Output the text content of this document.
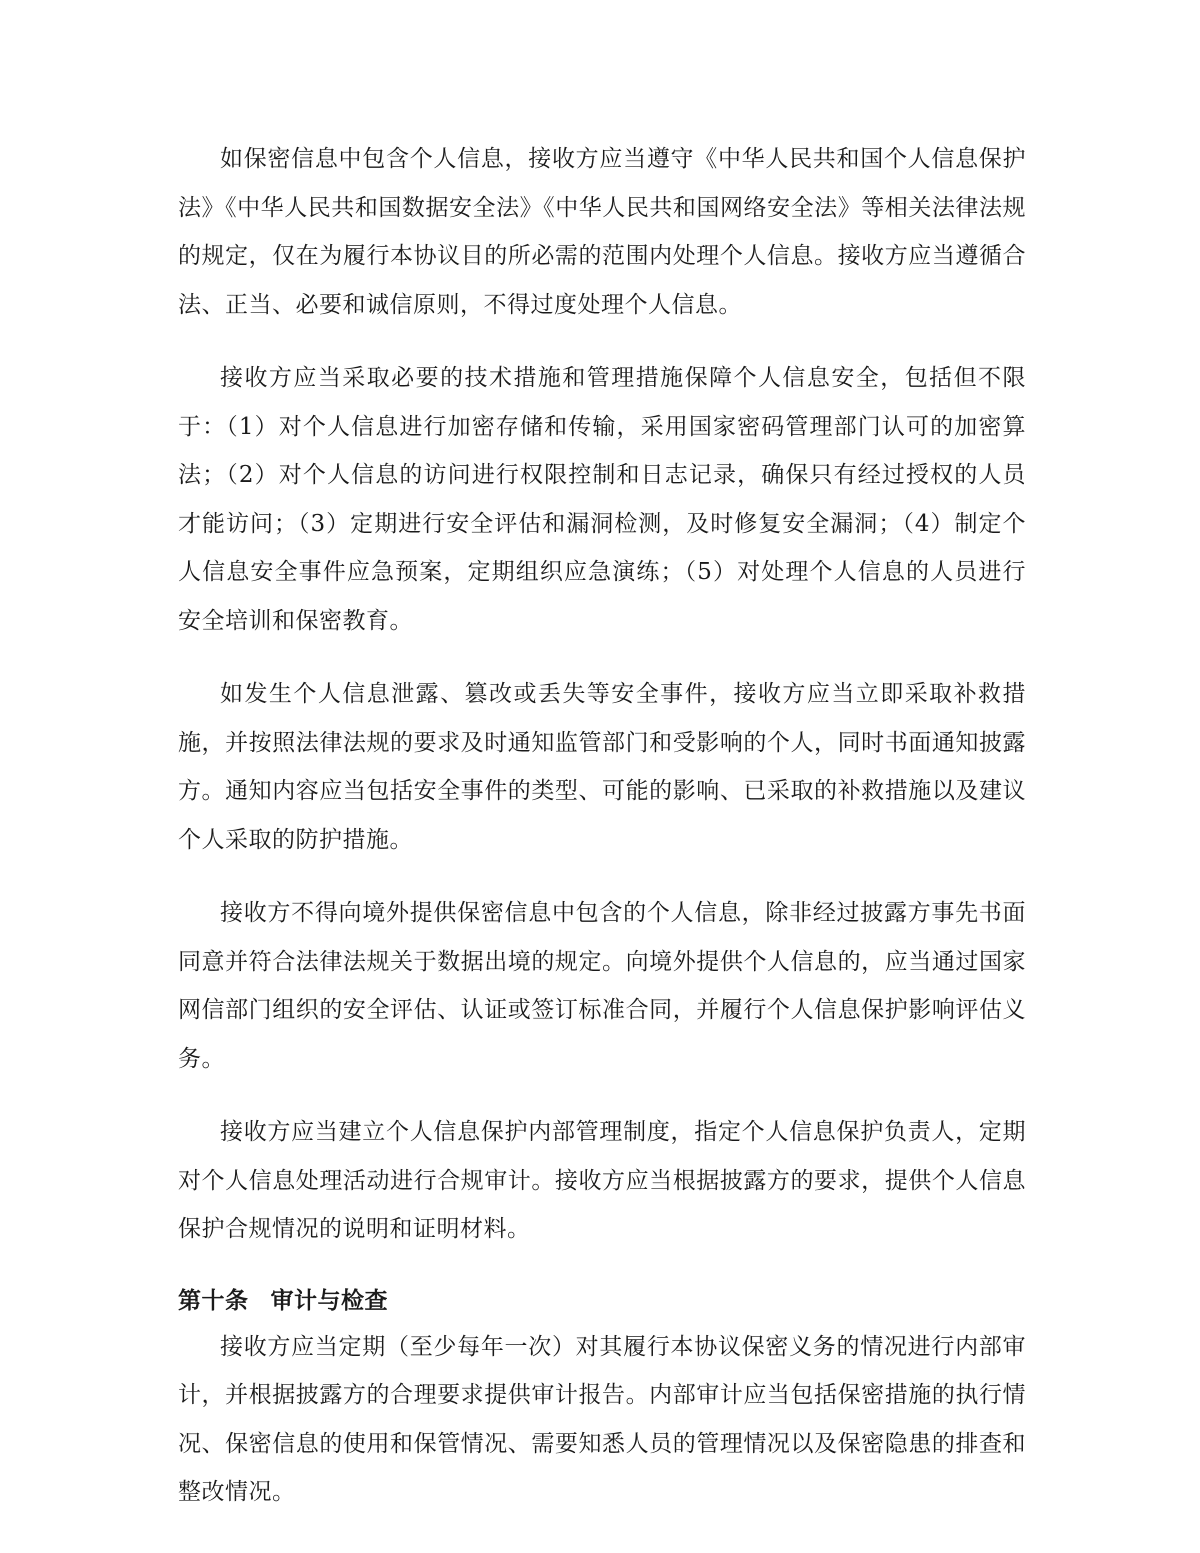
如保密信息中包含个人信息，接收方应当遵守《中华人民共和国个人信息保护法》《中华人民共和国数据安全法》《中华人民共和国网络安全法》等相关法律法规的规定，仅在为履行本协议目的所必需的范围内处理个人信息。接收方应当遵循合法、正当、必要和诚信原则，不得过度处理个人信息。

接收方应当采取必要的技术措施和管理措施保障个人信息安全，包括但不限于：（1）对个人信息进行加密存储和传输，采用国家密码管理部门认可的加密算法；（2）对个人信息的访问进行权限控制和日志记录，确保只有经过授权的人员才能访问；（3）定期进行安全评估和漏洞检测，及时修复安全漏洞；（4）制定个人信息安全事件应急预案，定期组织应急演练；（5）对处理个人信息的人员进行安全培训和保密教育。

如发生个人信息泄露、篡改或丢失等安全事件，接收方应当立即采取补救措施，并按照法律法规的要求及时通知监管部门和受影响的个人，同时书面通知披露方。通知内容应当包括安全事件的类型、可能的影响、已采取的补救措施以及建议个人采取的防护措施。

接收方不得向境外提供保密信息中包含的个人信息，除非经过披露方事先书面同意并符合法律法规关于数据出境的规定。向境外提供个人信息的，应当通过国家网信部门组织的安全评估、认证或签订标准合同，并履行个人信息保护影响评估义务。

接收方应当建立个人信息保护内部管理制度，指定个人信息保护负责人，定期对个人信息处理活动进行合规审计。接收方应当根据披露方的要求，提供个人信息保护合规情况的说明和证明材料。

第十条 审计与检查

接收方应当定期（至少每年一次）对其履行本协议保密义务的情况进行内部审计，并根据披露方的合理要求提供审计报告。内部审计应当包括保密措施的执行情况、保密信息的使用和保管情况、需要知悉人员的管理情况以及保密隐患的排查和整改情况。
